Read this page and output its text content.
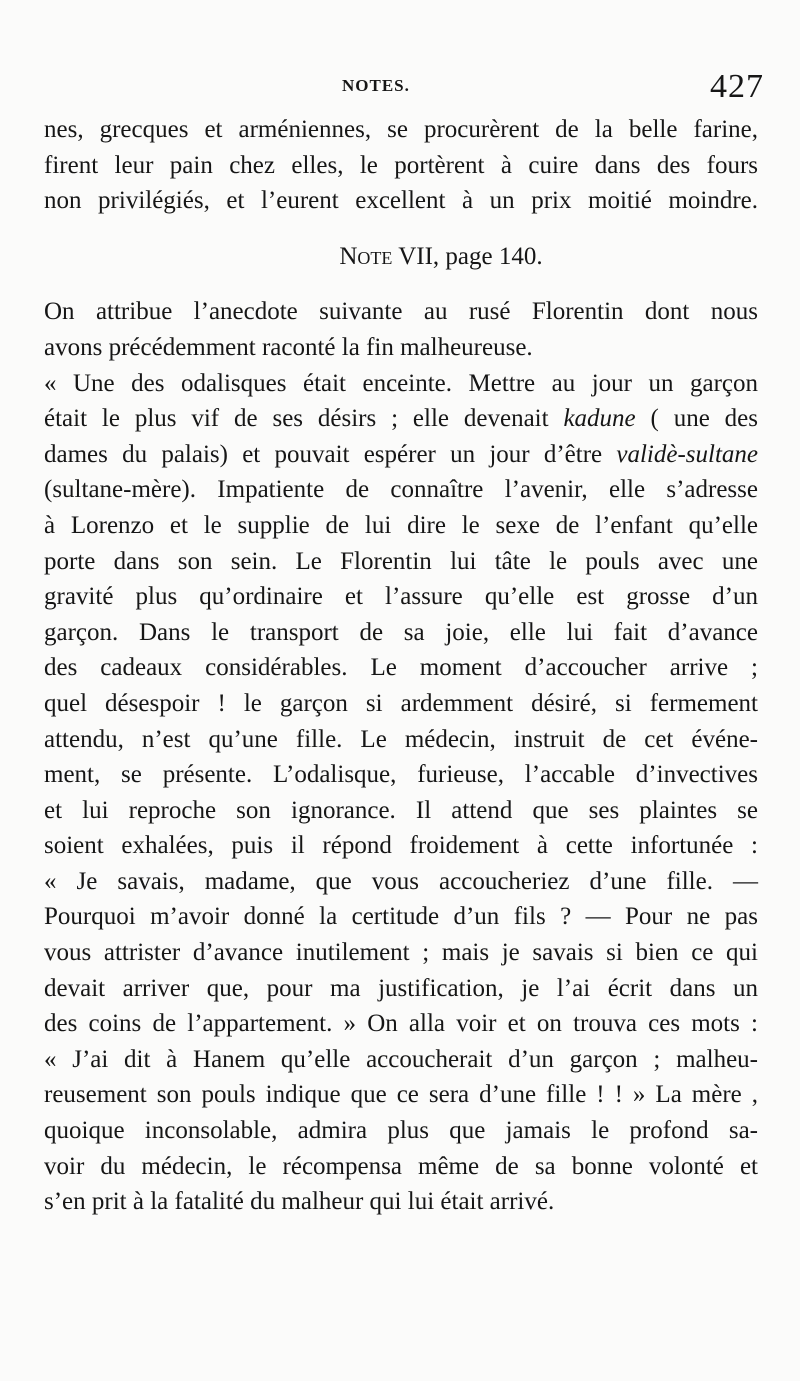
NOTES.	427
nes, grecques et arméniennes, se procurèrent de la belle farine,
firent leur pain chez elles, le portèrent à cuire dans des fours
non privilégiés, et l’eurent excellent à un prix moitié moindre.
Note VII, page 140.
On attribue l’anecdote suivante au rusé Florentin dont nous
avons précédemment raconté la fin malheureuse.
« Une des odalisques était enceinte. Mettre au jour un garçon
était le plus vif de ses désirs ; elle devenait kadune ( une des
dames du palais) et pouvait espérer un jour d’être validè-sultane
(sultane-mère). Impatiente de connaître l’avenir, elle s’adresse
à Lorenzo et le supplie de lui dire le sexe de l’enfant qu’elle
porte dans son sein. Le Florentin lui tâte le pouls avec une
gravité plus qu’ordinaire et l’assure qu’elle est grosse d’un
garçon. Dans le transport de sa joie, elle lui fait d’avance
des cadeaux considérables. Le moment d’accoucher arrive ;
quel désespoir ! le garçon si ardemment désiré, si fermement
attendu, n’est qu’une fille. Le médecin, instruit de cet événe-
ment, se présente. L’odalisque, furieuse, l’accable d’invectives
et lui reproche son ignorance. Il attend que ses plaintes se
soient exhalées, puis il répond froidement à cette infortunée :
« Je savais, madame, que vous accoucheriez d’une fille. —
Pourquoi m’avoir donné la certitude d’un fils ? — Pour ne pas
vous attrister d’avance inutilement ; mais je savais si bien ce qui
devait arriver que, pour ma justification, je l’ai écrit dans un
des coins de l’appartement. » On alla voir et on trouva ces mots :
« J’ai dit à Hanem qu’elle accoucherait d’un garçon ; malheu-
reusement son pouls indique que ce sera d’une fille ! ! » La mère ,
quoique inconsolable, admira plus que jamais le profond sa-
voir du médecin, le récompensa même de sa bonne volonté et
s’en prit à la fatalité du malheur qui lui était arrivé.
